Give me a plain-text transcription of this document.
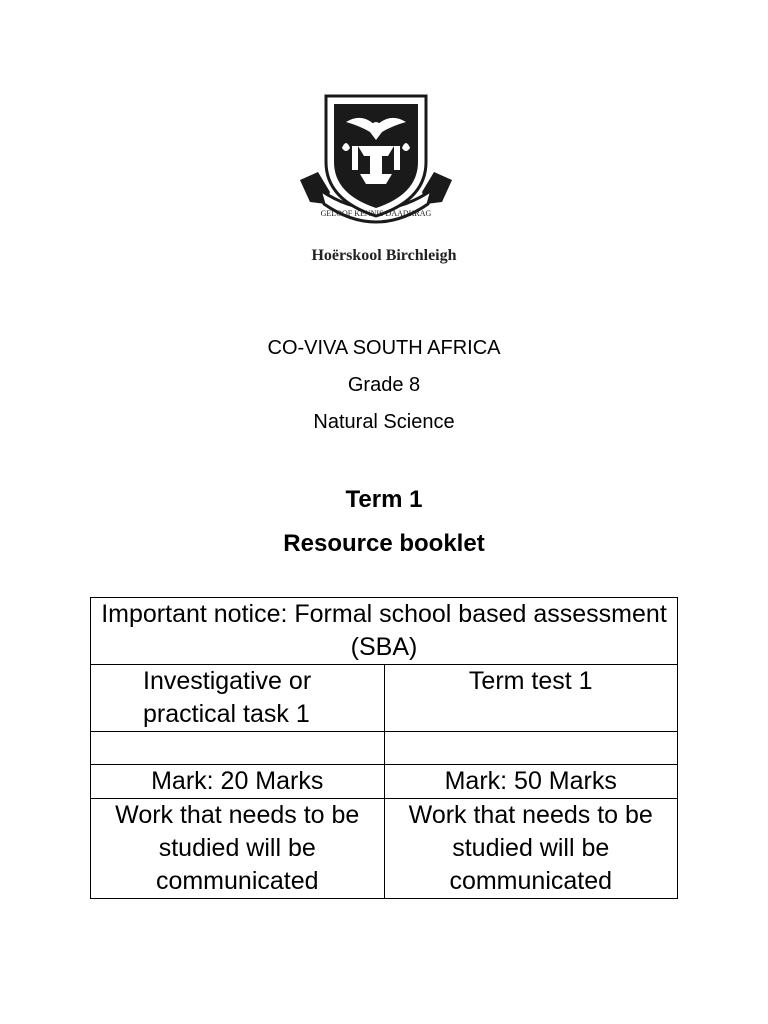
GELOOF KENNIS DAADKRAG
Hoërskool Birchleigh
CO-VIVA SOUTH AFRICA
Grade 8
Natural Science
Term 1
Resource booklet
Important notice: Formal school based assessment (SBA)	
Investigative or practical task 1	Term test 1

Mark: 20 Marks	Mark: 50 Marks
Work that needs to be studied will be communicated	Work that needs to be studied will be communicated
